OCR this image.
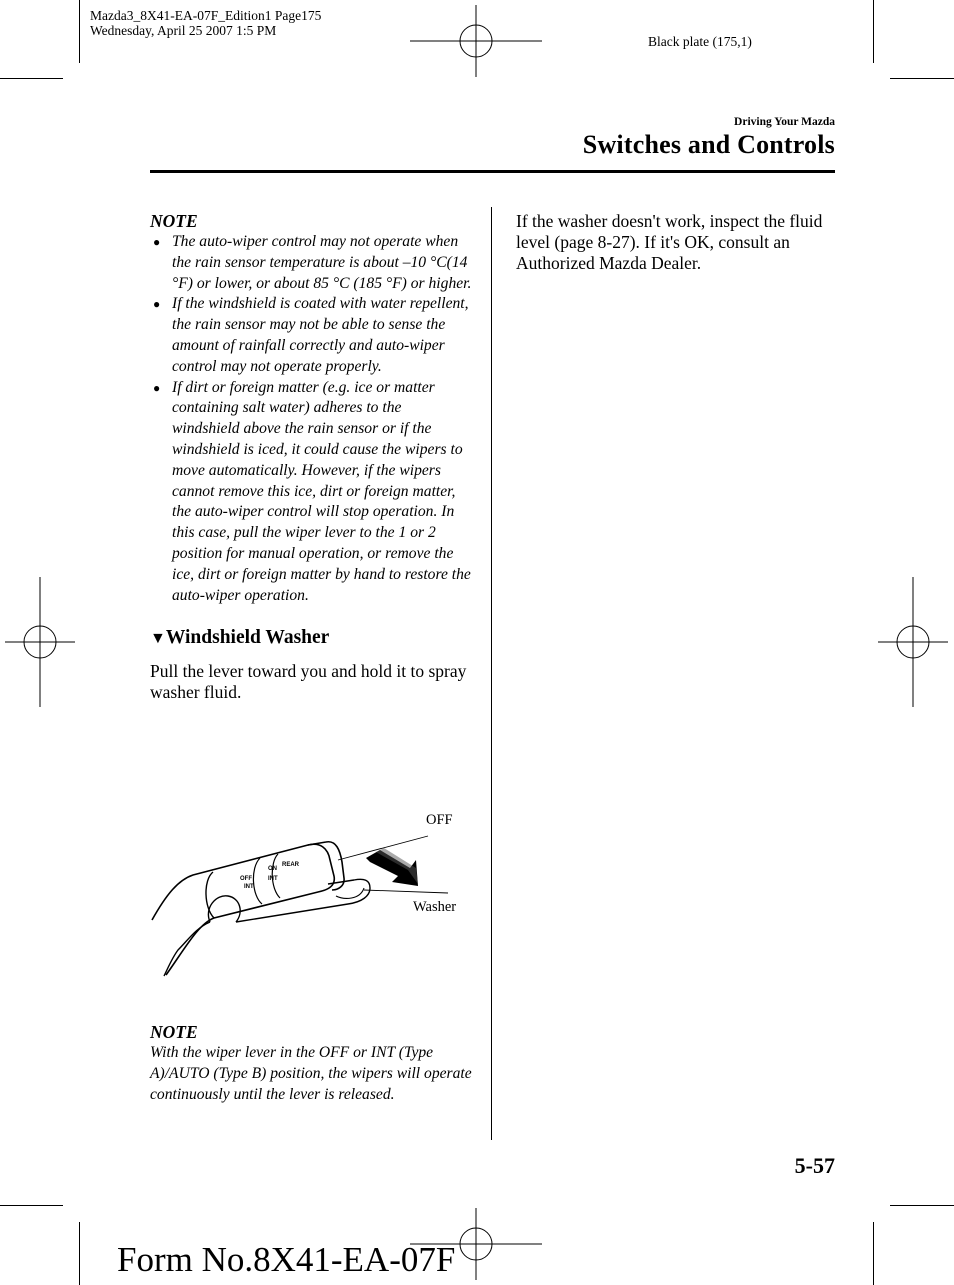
Mazda3_8X41-EA-07F_Edition1 Page175
Wednesday, April 25 2007 1:5 PM
Black plate (175,1)
Driving Your Mazda
Switches and Controls
NOTE
● The auto-wiper control may not operate when the rain sensor temperature is about –10 °C(14 °F) or lower, or about 85 °C (185 °F) or higher.
● If the windshield is coated with water repellent, the rain sensor may not be able to sense the amount of rainfall correctly and auto-wiper control may not operate properly.
● If dirt or foreign matter (e.g. ice or matter containing salt water) adheres to the windshield above the rain sensor or if the windshield is iced, it could cause the wipers to move automatically. However, if the wipers cannot remove this ice, dirt or foreign matter, the auto-wiper control will stop operation. In this case, pull the wiper lever to the 1 or 2 position for manual operation, or remove the ice, dirt or foreign matter by hand to restore the auto-wiper operation.
▼Windshield Washer
Pull the lever toward you and hold it to spray washer fluid.
OFF
INT
ON
INT
REAR
OFF
Washer
NOTE
With the wiper lever in the OFF or INT (Type A)/AUTO (Type B) position, the wipers will operate continuously until the lever is released.
If the washer doesn't work, inspect the fluid level (page 8-27). If it's OK, consult an Authorized Mazda Dealer.
5-57
Form No.8X41-EA-07F
